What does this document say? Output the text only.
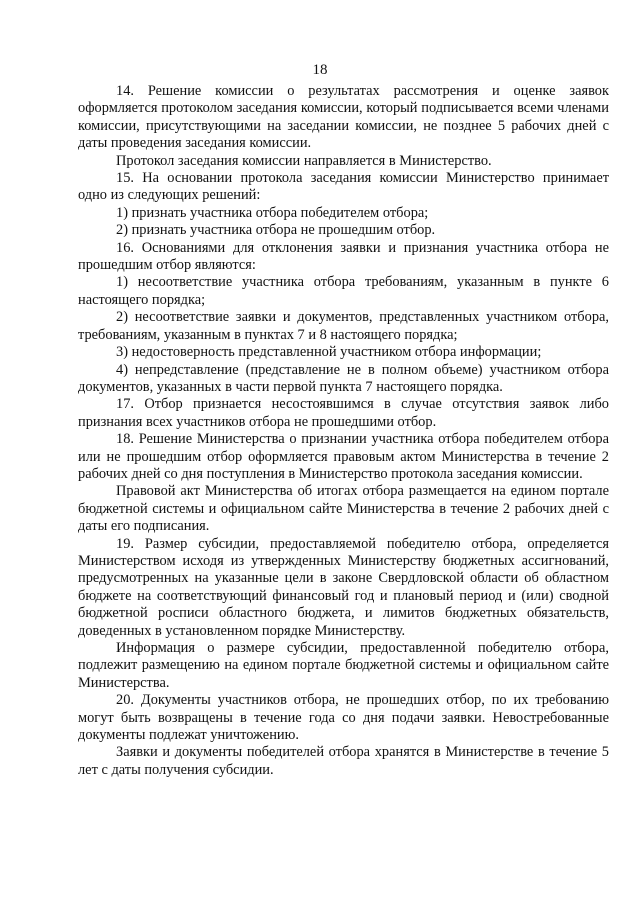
18

14. Решение комиссии о результатах рассмотрения и оценке заявок оформляется протоколом заседания комиссии, который подписывается всеми членами комиссии, присутствующими на заседании комиссии, не позднее 5 рабочих дней с даты проведения заседания комиссии.

Протокол заседания комиссии направляется в Министерство.

15. На основании протокола заседания комиссии Министерство принимает одно из следующих решений:

1) признать участника отбора победителем отбора;

2) признать участника отбора не прошедшим отбор.

16. Основаниями для отклонения заявки и признания участника отбора не прошедшим отбор являются:

1) несоответствие участника отбора требованиям, указанным в пункте 6 настоящего порядка;

2) несоответствие заявки и документов, представленных участником отбора, требованиям, указанным в пунктах 7 и 8 настоящего порядка;

3) недостоверность представленной участником отбора информации;

4) непредставление (представление не в полном объеме) участником отбора документов, указанных в части первой пункта 7 настоящего порядка.

17. Отбор признается несостоявшимся в случае отсутствия заявок либо признания всех участников отбора не прошедшими отбор.

18. Решение Министерства о признании участника отбора победителем отбора или не прошедшим отбор оформляется правовым актом Министерства в течение 2 рабочих дней со дня поступления в Министерство протокола заседания комиссии.

Правовой акт Министерства об итогах отбора размещается на едином портале бюджетной системы и официальном сайте Министерства в течение 2 рабочих дней с даты его подписания.

19. Размер субсидии, предоставляемой победителю отбора, определяется Министерством исходя из утвержденных Министерству бюджетных ассигнований, предусмотренных на указанные цели в законе Свердловской области об областном бюджете на соответствующий финансовый год и плановый период и (или) сводной бюджетной росписи областного бюджета, и лимитов бюджетных обязательств, доведенных в установленном порядке Министерству.

Информация о размере субсидии, предоставленной победителю отбора, подлежит размещению на едином портале бюджетной системы и официальном сайте Министерства.

20. Документы участников отбора, не прошедших отбор, по их требованию могут быть возвращены в течение года со дня подачи заявки. Невостребованные документы подлежат уничтожению.

Заявки и документы победителей отбора хранятся в Министерстве в течение 5 лет с даты получения субсидии.
